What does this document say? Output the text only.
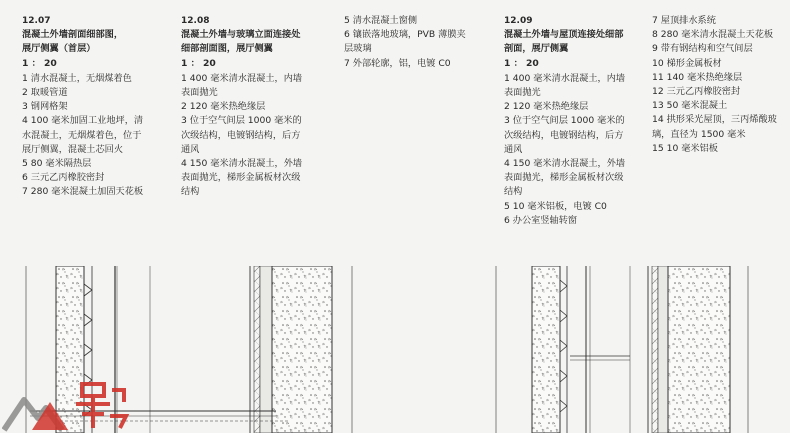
12.07
混凝土外墙剖面细部图，
展厅侧翼（首层）
1 ： 20
1 清水混凝土，无烟煤着色
2 取暖管道
3 钢网格架
4 100 毫米加固工业地坪，清
水混凝土，无烟煤着色，位于
展厅侧翼，混凝土芯回火
5 80 毫米隔热层
6 三元乙丙橡胶密封
7 280 毫米混凝土加固天花板
12.08
混凝土外墙与玻璃立面连接处
细部剖面图，展厅侧翼
1 ： 20
1 400 毫米清水混凝土，内墙
表面抛光
2 120 毫米热绝缘层
3 位于空气间层 1000 毫米的
次级结构，电镀钢结构，后方
通风
4 150 毫米清水混凝土，外墙
表面抛光，梯形金属板材次级
结构
5 清水混凝土窗侧
6 镶嵌落地玻璃，PVB 薄膜夹
层玻璃
7 外部轮廓，铝，电镀 C0
12.09
混凝土外墙与屋顶连接处细部
剖面，展厅侧翼
1 ： 20
1 400 毫米清水混凝土，内墙
表面抛光
2 120 毫米热绝缘层
3 位于空气间层 1000 毫米的
次级结构，电镀钢结构，后方
通风
4 150 毫米清水混凝土，外墙
表面抛光，梯形金属板材次级
结构
5 10 毫米铝板，电镀 C0
6 办公室竖轴转窗
7 屋顶排水系统
8 280 毫米清水混凝土天花板
9 带有钢结构和空气间层
10 梯形金属板材
11 140 毫米热绝缘层
12 三元乙丙橡胶密封
13 50 毫米混凝土
14 拱形采光屋顶，三丙烯酸玻
璃，直径为 1500 毫米
15 10 毫米铝板
